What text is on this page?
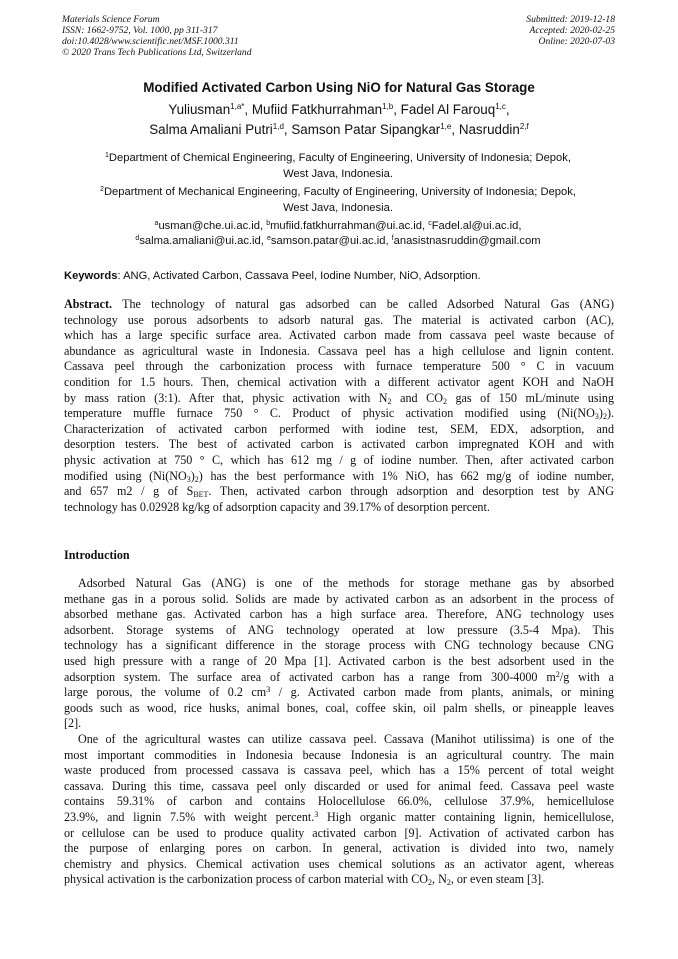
Materials Science Forum
ISSN: 1662-9752, Vol. 1000, pp 311-317
doi:10.4028/www.scientific.net/MSF.1000.311
© 2020 Trans Tech Publications Ltd, Switzerland
Submitted: 2019-12-18
Accepted: 2020-02-25
Online: 2020-07-03
Modified Activated Carbon Using NiO for Natural Gas Storage
Yuliusman$^{1,a*}$, Mufiid Fatkhurrahman$^{1,b}$, Fadel Al Farouq$^{1,c}$,
Salma Amaliani Putri$^{1,d}$, Samson Patar Sipangkar$^{1,e}$, Nasruddin$^{2,f}$
$^1$Department of Chemical Engineering, Faculty of Engineering, University of Indonesia; Depok,
West Java, Indonesia.
$^2$Department of Mechanical Engineering, Faculty of Engineering, University of Indonesia; Depok,
West Java, Indonesia.
$^a$usman@che.ui.ac.id, $^b$mufiid.fatkhurrahman@ui.ac.id, $^c$Fadel.al@ui.ac.id,
$^d$salma.amaliani@ui.ac.id, $^e$samson.patar@ui.ac.id, $^f$anasistnasruddin@gmail.com
Keywords: ANG, Activated Carbon, Cassava Peel, Iodine Number, NiO, Adsorption.
Abstract. The technology of natural gas adsorbed can be called Adsorbed Natural Gas (ANG)
technology use porous adsorbents to adsorb natural gas. The material is activated carbon (AC),
which has a large specific surface area. Activated carbon made from cassava peel waste because of
abundance as agricultural waste in Indonesia. Cassava peel has a high cellulose and lignin content.
Cassava peel through the carbonization process with furnace temperature 500 ° C in vacuum
condition for 1.5 hours. Then, chemical activation with a different activator agent KOH and NaOH
by mass ration (3:1). After that, physic activation with $N_2$ and $CO_2$ gas of 150 mL/minute using
temperature muffle furnace 750 ° C. Product of physic activation modified using $(Ni(NO_3)_2)$.
Characterization of activated carbon performed with iodine test, SEM, EDX, adsorption, and
desorption testers. The best of activated carbon is activated carbon impregnated KOH and with
physic activation at 750 ° C, which has 612 mg / g of iodine number. Then, after activated carbon
modified using $(Ni(NO_3)_2)$ has the best performance with 1% NiO, has 662 mg/g of iodine number,
and 657 m2 / g of $S_{BET}$. Then, activated carbon through adsorption and desorption test by ANG
technology has 0.02928 kg/kg of adsorption capacity and 39.17% of desorption percent.
Introduction
Adsorbed Natural Gas (ANG) is one of the methods for storage methane gas by absorbed
methane gas in a porous solid. Solids are made by activated carbon as an adsorbent in the process of
absorbed methane gas. Activated carbon has a high surface area. Therefore, ANG technology uses
adsorbent. Storage systems of ANG technology operated at low pressure (3.5-4 Mpa). This
technology has a significant difference in the storage process with CNG technology because CNG
used high pressure with a range of 20 Mpa [1]. Activated carbon is the best adsorbent used in the
adsorption system. The surface area of activated carbon has a range from 300-4000 $m^2/g$ with a
large porous, the volume of 0.2 $cm^3$ / g. Activated carbon made from plants, animals, or mining
goods such as wood, rice husks, animal bones, coal, coffee skin, oil palm shells, or pineapple leaves
[2].
One of the agricultural wastes can utilize cassava peel. Cassava (Manihot utilissima) is one of the
most important commodities in Indonesia because Indonesia is an agricultural country. The main
waste produced from processed cassava is cassava peel, which has a 15% percent of total weight
cassava. During this time, cassava peel only discarded or used for animal feed. Cassava peel waste
contains 59.31% of carbon and contains Holocellulose 66.0%, cellulose 37.9%, hemicellulose
23.9%, and lignin 7.5% with weight percent.$^3$ High organic matter containing lignin, hemicellulose,
or cellulose can be used to produce quality activated carbon [9]. Activation of activated carbon has
the purpose of enlarging pores on carbon. In general, activation is divided into two, namely
chemistry and physics. Chemical activation uses chemical solutions as an activator agent, whereas
physical activation is the carbonization process of carbon material with $CO_2$, $N_2$, or even steam [3].
